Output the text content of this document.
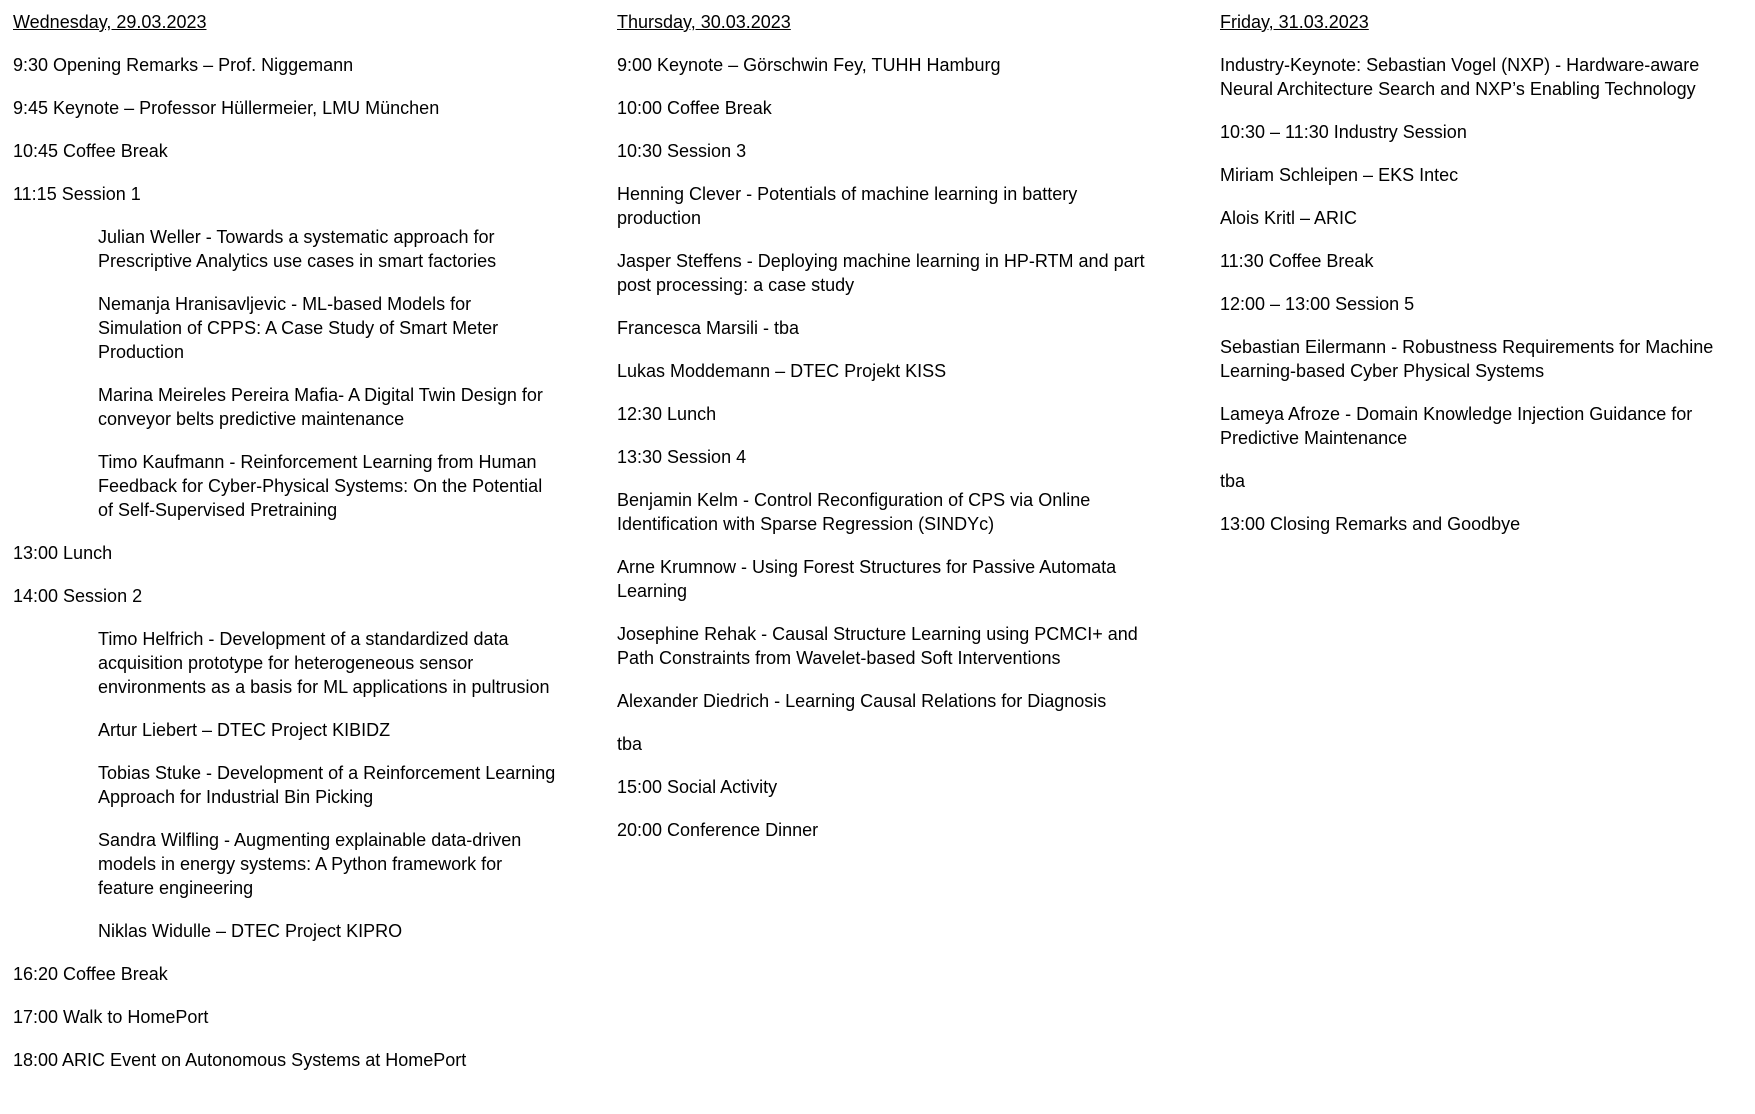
Wednesday, 29.03.2023
9:30 Opening Remarks – Prof. Niggemann
9:45 Keynote – Professor Hüllermeier, LMU München
10:45 Coffee Break
11:15 Session 1
Julian Weller - Towards a systematic approach for Prescriptive Analytics use cases in smart factories
Nemanja Hranisavljevic - ML-based Models for Simulation of CPPS: A Case Study of Smart Meter Production
Marina Meireles Pereira Mafia- A Digital Twin Design for conveyor belts predictive maintenance
Timo Kaufmann - Reinforcement Learning from Human Feedback for Cyber-Physical Systems: On the Potential of Self-Supervised Pretraining
13:00 Lunch
14:00 Session 2
Timo Helfrich - Development of a standardized data acquisition prototype for heterogeneous sensor environments as a basis for ML applications in pultrusion
Artur Liebert – DTEC Project KIBIDZ
Tobias Stuke - Development of a Reinforcement Learning Approach for Industrial Bin Picking
Sandra Wilfling - Augmenting explainable data-driven models in energy systems: A Python framework for feature engineering
Niklas Widulle – DTEC Project KIPRO
16:20 Coffee Break
17:00 Walk to HomePort
18:00 ARIC Event on Autonomous Systems at HomePort
Thursday, 30.03.2023
9:00 Keynote – Görschwin Fey, TUHH Hamburg
10:00 Coffee Break
10:30 Session 3
Henning Clever - Potentials of machine learning in battery production
Jasper Steffens - Deploying machine learning in HP-RTM and part post processing: a case study
Francesca Marsili - tba
Lukas Moddemann – DTEC Projekt KISS
12:30 Lunch
13:30 Session 4
Benjamin Kelm - Control Reconfiguration of CPS via Online Identification with Sparse Regression (SINDYc)
Arne Krumnow - Using Forest Structures for Passive Automata Learning
Josephine Rehak - Causal Structure Learning using PCMCI+ and Path Constraints from Wavelet-based Soft Interventions
Alexander Diedrich - Learning Causal Relations for Diagnosis
tba
15:00 Social Activity
20:00 Conference Dinner
Friday, 31.03.2023
Industry-Keynote: Sebastian Vogel (NXP) - Hardware-aware Neural Architecture Search and NXP’s Enabling Technology
10:30 – 11:30 Industry Session
Miriam Schleipen – EKS Intec
Alois Kritl – ARIC
11:30 Coffee Break
12:00 – 13:00 Session 5
Sebastian Eilermann - Robustness Requirements for Machine Learning-based Cyber Physical Systems
Lameya Afroze - Domain Knowledge Injection Guidance for Predictive Maintenance
tba
13:00 Closing Remarks and Goodbye
